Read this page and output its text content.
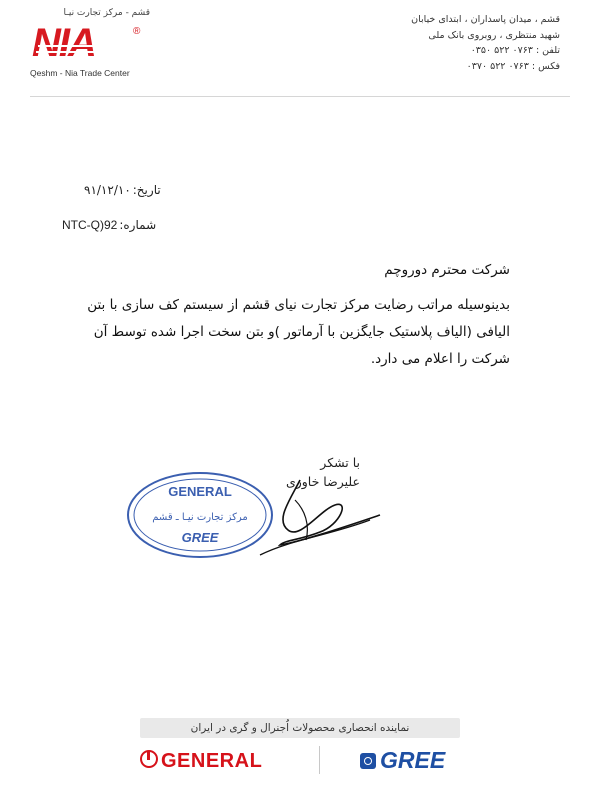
قشم - مرکز تجارت نیـا
NIA	®
Qeshm - Nia Trade Center
قشم ، میدان پاسداران ، ابتدای خیابان
شهید منتظری ، روبروی بانک ملی
تلفن : ۰۷۶۳ ۵۲۲ ۰۳۵۰
فکس : ۰۷۶۳ ۵۲۲ ۰۳۷۰
تاریخ:۹۱/۱۲/۱۰
شماره:NTC-Q)92
شرکت محترم دوروچم
بدینوسیله مراتب رضایت مرکز تجارت نیای قشم از سیستم کف سازی با بتن
الیافی (الیاف پلاستیک جایگزین با آرماتور )و بتن سخت اجرا شده توسط آن
شرکت را اعلام می دارد.
با تشکر
علیرضا خاوری
GENERAL
مرکز تجارت نیـا ـ قشم
GREE
نماینده انحصاری محصولات اُجنرال و گری در ایران
GENERAL	GREE
